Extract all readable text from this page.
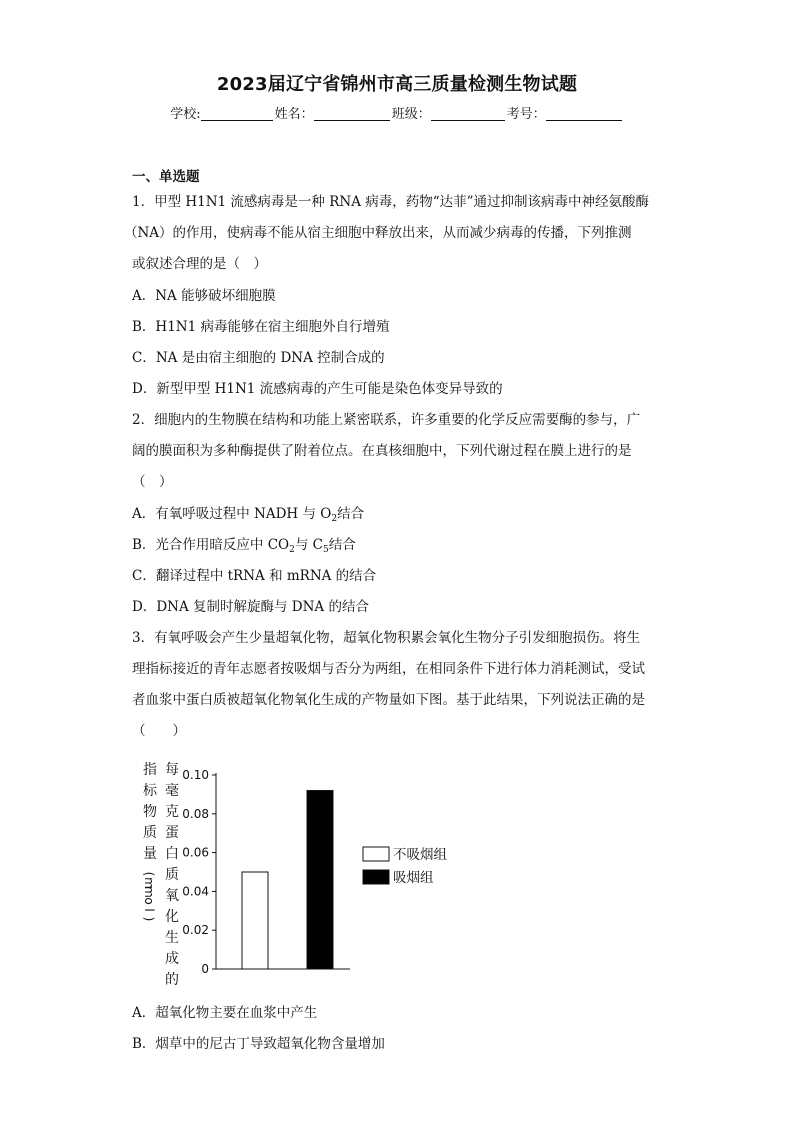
2023届辽宁省锦州市高三质量检测生物试题
学校:	姓名：	班级：	考号：
一、单选题
1．甲型 H1N1 流感病毒是一种 RNA 病毒，药物“达菲”通过抑制该病毒中神经氨酸酶
（NA）的作用，使病毒不能从宿主细胞中释放出来，从而减少病毒的传播，下列推测
或叙述合理的是（　）
A．NA 能够破坏细胞膜
B．H1N1 病毒能够在宿主细胞外自行增殖
C．NA 是由宿主细胞的 DNA 控制合成的
D．新型甲型 H1N1 流感病毒的产生可能是染色体变异导致的
2．细胞内的生物膜在结构和功能上紧密联系，许多重要的化学反应需要酶的参与，广
阔的膜面积为多种酶提供了附着位点。在真核细胞中，下列代谢过程在膜上进行的是
（　）
A．有氧呼吸过程中 NADH 与 $O_2$结合
B．光合作用暗反应中 $CO_2$与 $C_5$结合
C．翻译过程中 tRNA 和 mRNA 的结合
D．DNA 复制时解旋酶与 DNA 的结合
3．有氧呼吸会产生少量超氧化物，超氧化物积累会氧化生物分子引发细胞损伤。将生
理指标接近的青年志愿者按吸烟与否分为两组，在相同条件下进行体力消耗测试，受试
者血浆中蛋白质被超氧化物氧化生成的产物量如下图。基于此结果，下列说法正确的是
（　　）
指
标
物
质
量
(
m
m
o
l
)
每
毫
克
蛋
白
质
氧
化
生
成
的
0
0.02
0.04
0.06
0.08
0.10
不吸烟组
吸烟组
A．超氧化物主要在血浆中产生
B．烟草中的尼古丁导致超氧化物含量增加
